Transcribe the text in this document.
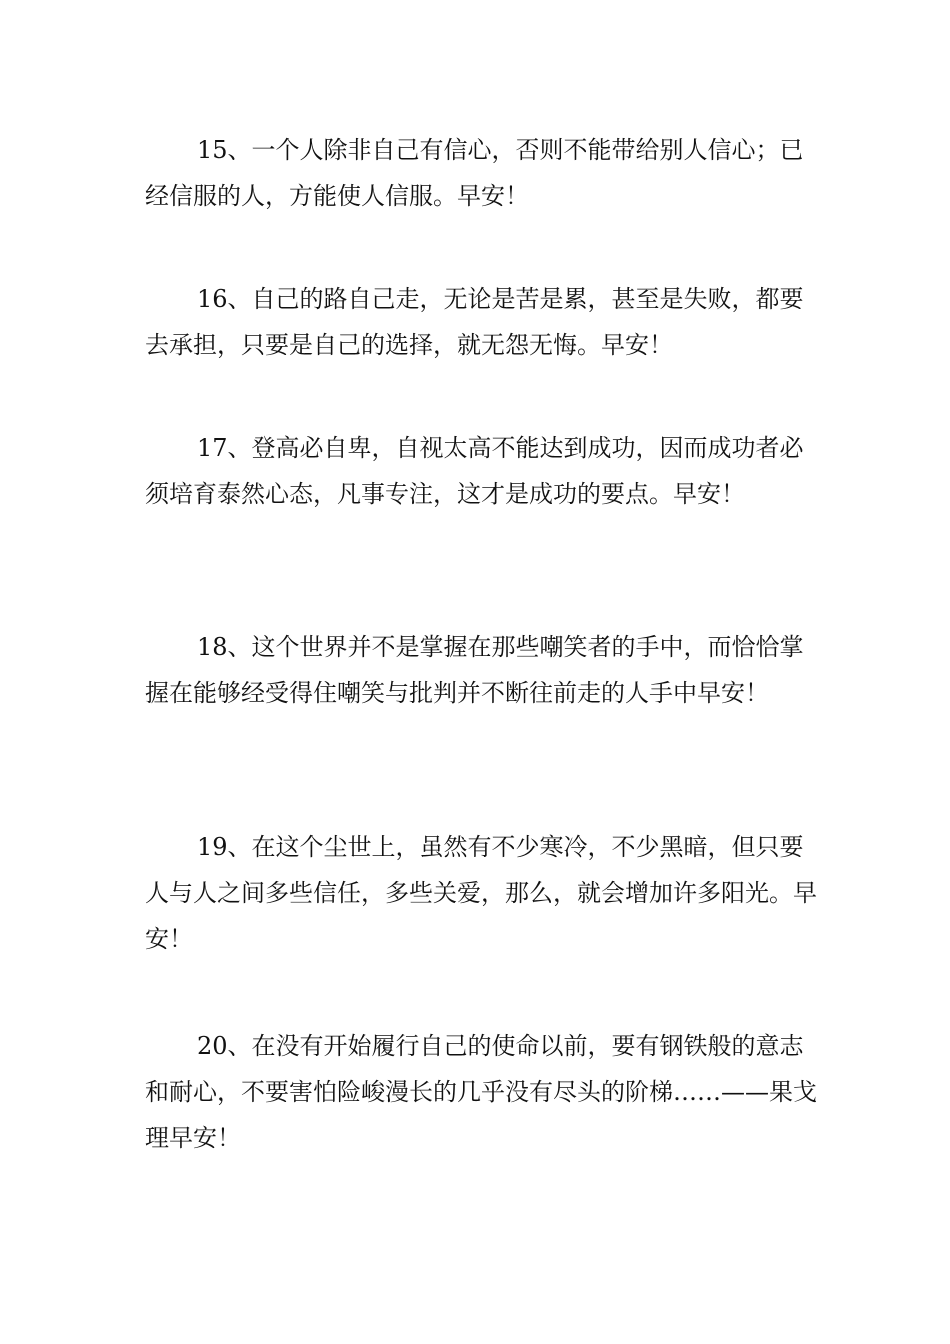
15、一个人除非自己有信心，否则不能带给别人信心；已经信服的人，方能使人信服。早安！

16、自己的路自己走，无论是苦是累，甚至是失败，都要去承担，只要是自己的选择，就无怨无悔。早安！

17、登高必自卑，自视太高不能达到成功，因而成功者必须培育泰然心态，凡事专注，这才是成功的要点。早安！

18、这个世界并不是掌握在那些嘲笑者的手中，而恰恰掌握在能够经受得住嘲笑与批判并不断往前走的人手中早安！

19、在这个尘世上，虽然有不少寒冷，不少黑暗，但只要人与人之间多些信任，多些关爱，那么，就会增加许多阳光。早安！

20、在没有开始履行自己的使命以前，要有钢铁般的意志和耐心，不要害怕险峻漫长的几乎没有尽头的阶梯……——果戈理早安！
